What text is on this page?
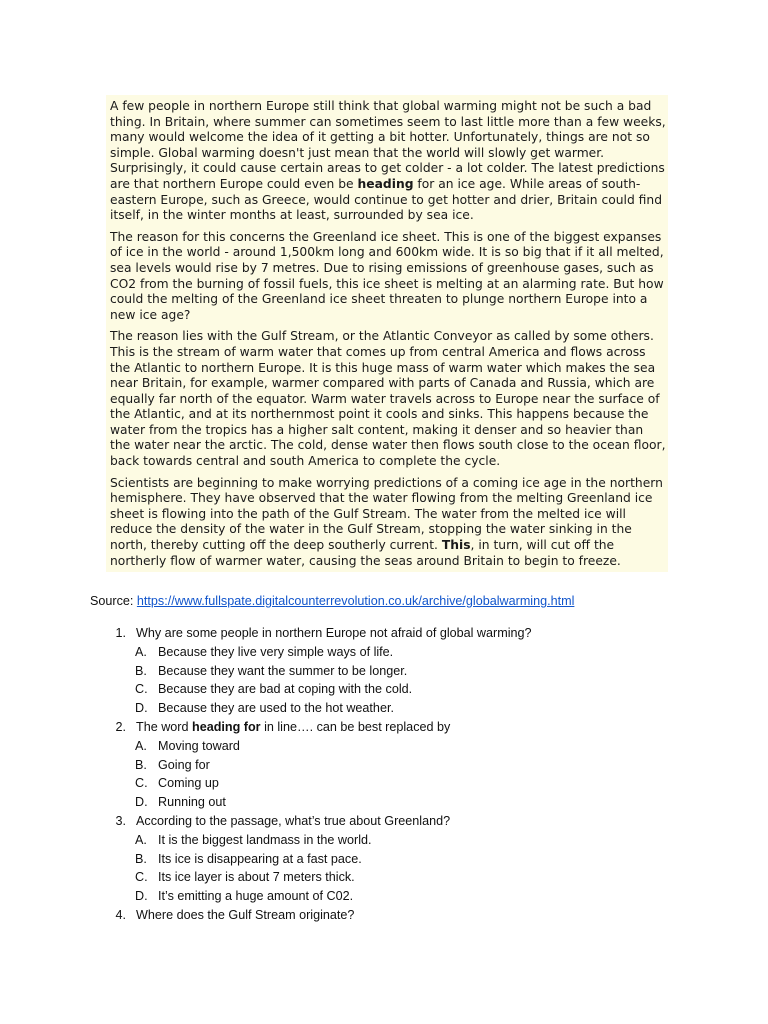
A few people in northern Europe still think that global warming might not be such a bad thing. In Britain, where summer can sometimes seem to last little more than a few weeks, many would welcome the idea of it getting a bit hotter. Unfortunately, things are not so simple. Global warming doesn't just mean that the world will slowly get warmer. Surprisingly, it could cause certain areas to get colder - a lot colder. The latest predictions are that northern Europe could even be heading for an ice age. While areas of south-eastern Europe, such as Greece, would continue to get hotter and drier, Britain could find itself, in the winter months at least, surrounded by sea ice.

The reason for this concerns the Greenland ice sheet. This is one of the biggest expanses of ice in the world - around 1,500km long and 600km wide. It is so big that if it all melted, sea levels would rise by 7 metres. Due to rising emissions of greenhouse gases, such as CO2 from the burning of fossil fuels, this ice sheet is melting at an alarming rate. But how could the melting of the Greenland ice sheet threaten to plunge northern Europe into a new ice age?

The reason lies with the Gulf Stream, or the Atlantic Conveyor as called by some others. This is the stream of warm water that comes up from central America and flows across the Atlantic to northern Europe. It is this huge mass of warm water which makes the sea near Britain, for example, warmer compared with parts of Canada and Russia, which are equally far north of the equator. Warm water travels across to Europe near the surface of the Atlantic, and at its northernmost point it cools and sinks. This happens because the water from the tropics has a higher salt content, making it denser and so heavier than the water near the arctic. The cold, dense water then flows south close to the ocean floor, back towards central and south America to complete the cycle.

Scientists are beginning to make worrying predictions of a coming ice age in the northern hemisphere. They have observed that the water flowing from the melting Greenland ice sheet is flowing into the path of the Gulf Stream. The water from the melted ice will reduce the density of the water in the Gulf Stream, stopping the water sinking in the north, thereby cutting off the deep southerly current. This, in turn, will cut off the northerly flow of warmer water, causing the seas around Britain to begin to freeze.

Source: https://www.fullspate.digitalcounterrevolution.co.uk/archive/globalwarming.html
1. Why are some people in northern Europe not afraid of global warming?
A. Because they live very simple ways of life.
B. Because they want the summer to be longer.
C. Because they are bad at coping with the cold.
D. Because they are used to the hot weather.
2. The word heading for in line…. can be best replaced by
A. Moving toward
B. Going for
C. Coming up
D. Running out
3. According to the passage, what’s true about Greenland?
A. It is the biggest landmass in the world.
B. Its ice is disappearing at a fast pace.
C. Its ice layer is about 7 meters thick.
D. It’s emitting a huge amount of C02.
4. Where does the Gulf Stream originate?
